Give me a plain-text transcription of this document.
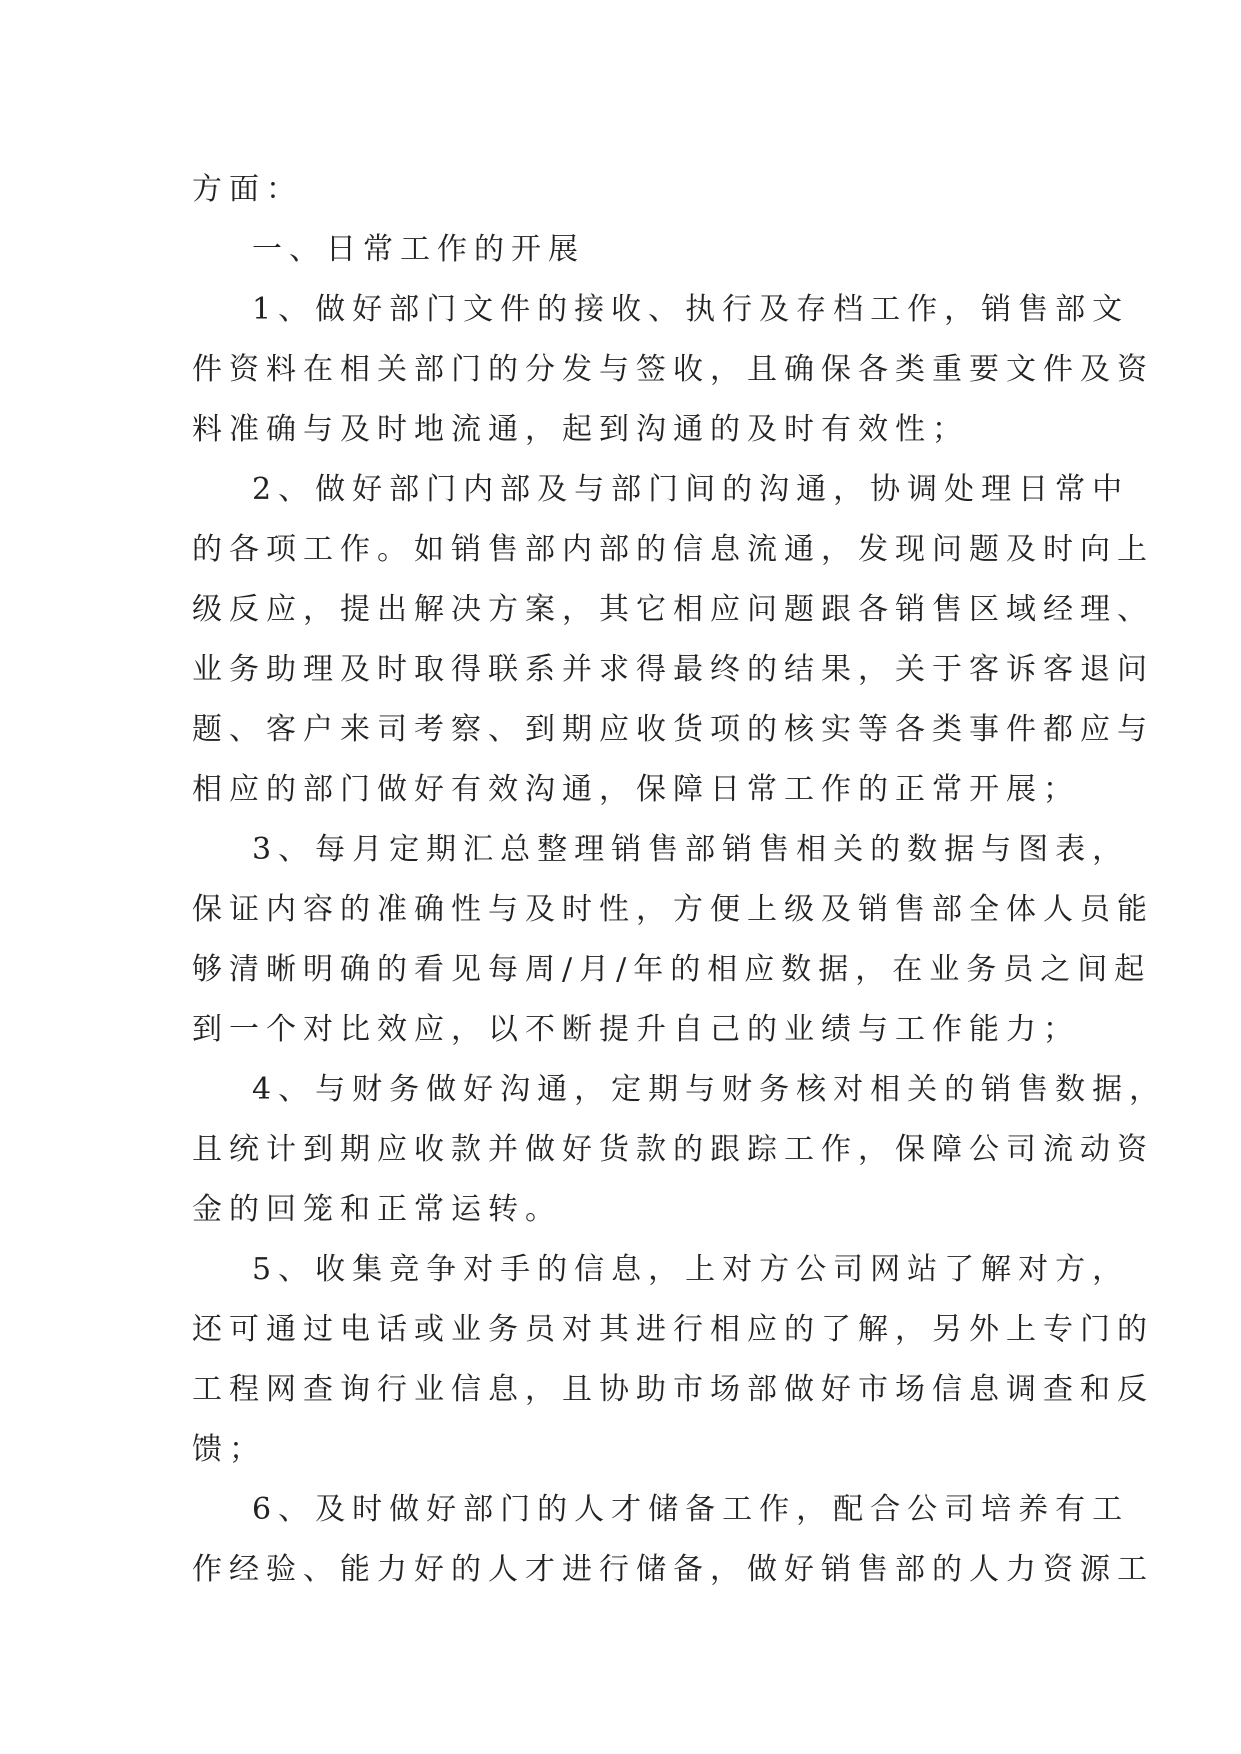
方面：
一、日常工作的开展
1、做好部门文件的接收、执行及存档工作，销售部文
件资料在相关部门的分发与签收，且确保各类重要文件及资
料准确与及时地流通，起到沟通的及时有效性；
2、做好部门内部及与部门间的沟通，协调处理日常中
的各项工作。如销售部内部的信息流通，发现问题及时向上
级反应，提出解决方案，其它相应问题跟各销售区域经理、
业务助理及时取得联系并求得最终的结果，关于客诉客退问
题、客户来司考察、到期应收货项的核实等各类事件都应与
相应的部门做好有效沟通，保障日常工作的正常开展；
3、每月定期汇总整理销售部销售相关的数据与图表，
保证内容的准确性与及时性，方便上级及销售部全体人员能
够清晰明确的看见每周/月/年的相应数据，在业务员之间起
到一个对比效应，以不断提升自己的业绩与工作能力；
4、与财务做好沟通，定期与财务核对相关的销售数据，
且统计到期应收款并做好货款的跟踪工作，保障公司流动资
金的回笼和正常运转。
5、收集竞争对手的信息，上对方公司网站了解对方，
还可通过电话或业务员对其进行相应的了解，另外上专门的
工程网查询行业信息，且协助市场部做好市场信息调查和反
馈；
6、及时做好部门的人才储备工作，配合公司培养有工
作经验、能力好的人才进行储备，做好销售部的人力资源工
